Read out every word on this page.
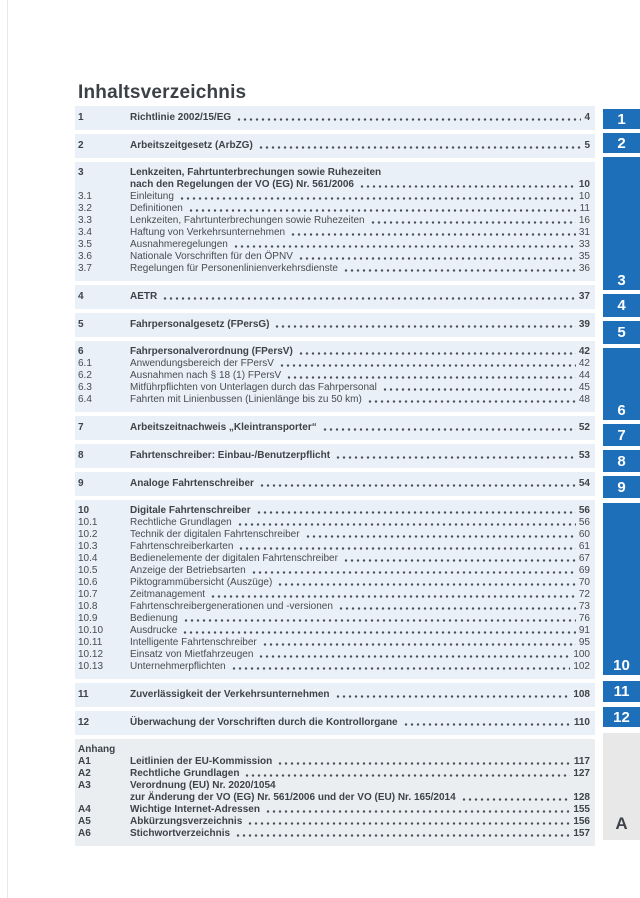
Inhaltsverzeichnis
1	Richtlinie 2002/15/EG	4
2	Arbeitszeitgesetz (ArbZG)	5
3	Lenkzeiten, Fahrtunterbrechungen sowie Ruhezeiten
nach den Regelungen der VO (EG) Nr. 561/2006	10
3.1	Einleitung	10
3.2	Definitionen	11
3.3	Lenkzeiten, Fahrtunterbrechungen sowie Ruhezeiten	16
3.4	Haftung von Verkehrsunternehmen	31
3.5	Ausnahmeregelungen	33
3.6	Nationale Vorschriften für den ÖPNV	35
3.7	Regelungen für Personenlinienverkehrsdienste	36
4	AETR	37
5	Fahrpersonalgesetz (FPersG)	39
6	Fahrpersonalverordnung (FPersV)	42
6.1	Anwendungsbereich der FPersV	42
6.2	Ausnahmen nach § 18 (1) FPersV	44
6.3	Mitführpflichten von Unterlagen durch das Fahrpersonal	45
6.4	Fahrten mit Linienbussen (Linienlänge bis zu 50 km)	48
7	Arbeitszeitnachweis „Kleintransporter“	52
8	Fahrtenschreiber: Einbau-/Benutzerpflicht	53
9	Analoge Fahrtenschreiber	54
10	Digitale Fahrtenschreiber	56
10.1	Rechtliche Grundlagen	56
10.2	Technik der digitalen Fahrtenschreiber	60
10.3	Fahrtenschreiberkarten	61
10.4	Bedienelemente der digitalen Fahrtenschreiber	67
10.5	Anzeige der Betriebsarten	69
10.6	Piktogrammübersicht (Auszüge)	70
10.7	Zeitmanagement	72
10.8	Fahrtenschreibergenerationen und -versionen	73
10.9	Bedienung	76
10.10	Ausdrucke	91
10.11	Intelligente Fahrtenschreiber	95
10.12	Einsatz von Mietfahrzeugen	100
10.13	Unternehmerpflichten	102
11	Zuverlässigkeit der Verkehrsunternehmen	108
12	Überwachung der Vorschriften durch die Kontrollorgane	110
Anhang
A1	Leitlinien der EU-Kommission	117
A2	Rechtliche Grundlagen	127
A3	Verordnung (EU) Nr. 2020/1054
zur Änderung der VO (EG) Nr. 561/2006 und der VO (EU) Nr. 165/2014	128
A4	Wichtige Internet-Adressen	155
A5	Abkürzungsverzeichnis	156
A6	Stichwortverzeichnis	157
1
2
3
4
5
6
7
8
9
10
11
12
A
